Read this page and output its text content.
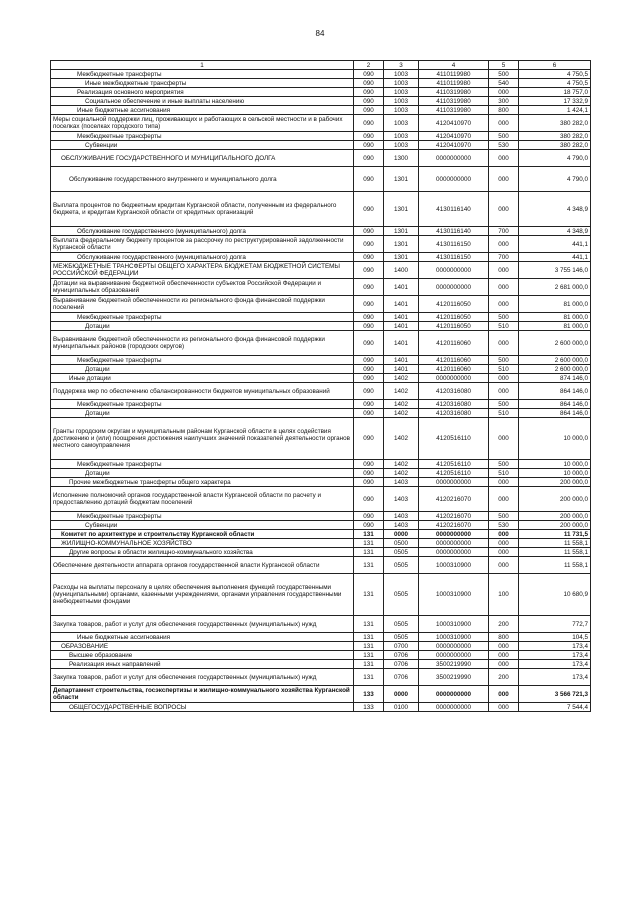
84
1	2	3	4	5	6
Межбюджетные трансферты	090	1003	4110119980	500	4 750,5
Иные межбюджетные трансферты	090	1003	4110119980	540	4 750,5
Реализация основного мероприятия	090	1003	4110319980	000	18 757,0
Социальное обеспечение и иные выплаты населению	090	1003	4110319980	300	17 332,9
Иные бюджетные ассигнования	090	1003	4110319980	800	1 424,1
Меры социальной поддержки лиц, проживающих и работающих в сельской местности и в рабочих поселках (поселках городского типа)	090	1003	4120410970	000	380 282,0
Межбюджетные трансферты	090	1003	4120410970	500	380 282,0
Субвенции	090	1003	4120410970	530	380 282,0
ОБСЛУЖИВАНИЕ ГОСУДАРСТВЕННОГО И МУНИЦИПАЛЬНОГО ДОЛГА	090	1300	0000000000	000	4 790,0
Обслуживание государственного внутреннего и муниципального долга	090	1301	0000000000	000	4 790,0
Выплата процентов по бюджетным кредитам Курганской области, полученным из федерального бюджета, и кредитам Курганской области от кредитных организаций	090	1301	4130116140	000	4 348,9
Обслуживание государственного (муниципального) долга	090	1301	4130116140	700	4 348,9
Выплата федеральному бюджету процентов за рассрочку по реструктурированной задолженности Курганской области	090	1301	4130116150	000	441,1
Обслуживание государственного (муниципального) долга	090	1301	4130116150	700	441,1
МЕЖБЮДЖЕТНЫЕ ТРАНСФЕРТЫ ОБЩЕГО ХАРАКТЕРА БЮДЖЕТАМ БЮДЖЕТНОЙ СИСТЕМЫ РОССИЙСКОЙ ФЕДЕРАЦИИ	090	1400	0000000000	000	3 755 146,0
Дотации на выравнивание бюджетной обеспеченности субъектов Российской Федерации и муниципальных образований	090	1401	0000000000	000	2 681 000,0
Выравнивание бюджетной обеспеченности из регионального фонда финансовой поддержки поселений	090	1401	4120116050	000	81 000,0
Межбюджетные трансферты	090	1401	4120116050	500	81 000,0
Дотации	090	1401	4120116050	510	81 000,0
Выравнивание бюджетной обеспеченности из регионального фонда финансовой поддержки муниципальных районов (городских округов)	090	1401	4120116060	000	2 600 000,0
Межбюджетные трансферты	090	1401	4120116060	500	2 600 000,0
Дотации	090	1401	4120116060	510	2 600 000,0
Иные дотации	090	1402	0000000000	000	874 146,0
Поддержка мер по обеспечению сбалансированности бюджетов муниципальных образований	090	1402	4120316080	000	864 146,0
Межбюджетные трансферты	090	1402	4120316080	500	864 146,0
Дотации	090	1402	4120316080	510	864 146,0
Гранты городским округам и муниципальным районам Курганской области в целях содействия достижению и (или) поощрения достижения наилучших значений показателей деятельности органов местного самоуправления	090	1402	4120516110	000	10 000,0
Межбюджетные трансферты	090	1402	4120516110	500	10 000,0
Дотации	090	1402	4120516110	510	10 000,0
Прочие межбюджетные трансферты общего характера	090	1403	0000000000	000	200 000,0
Исполнение полномочий органов государственной власти Курганской области по расчету и предоставлению дотаций бюджетам поселений	090	1403	4120216070	000	200 000,0
Межбюджетные трансферты	090	1403	4120216070	500	200 000,0
Субвенции	090	1403	4120216070	530	200 000,0
Комитет по архитектуре и строительству Курганской области	131	0000	0000000000	000	11 731,5
ЖИЛИЩНО-КОММУНАЛЬНОЕ ХОЗЯЙСТВО	131	0500	0000000000	000	11 558,1
Другие вопросы в области жилищно-коммунального хозяйства	131	0505	0000000000	000	11 558,1
Обеспечение деятельности аппарата органов государственной власти Курганской области	131	0505	1000310900	000	11 558,1
Расходы на выплаты персоналу в целях обеспечения выполнения функций государственными (муниципальными) органами, казенными учреждениями, органами управления государственными внебюджетными фондами	131	0505	1000310900	100	10 680,9
Закупка товаров, работ и услуг для обеспечения государственных (муниципальных) нужд	131	0505	1000310900	200	772,7
Иные бюджетные ассигнования	131	0505	1000310900	800	104,5
ОБРАЗОВАНИЕ	131	0700	0000000000	000	173,4
Высшее образование	131	0706	0000000000	000	173,4
Реализация иных направлений	131	0706	3500219990	000	173,4
Закупка товаров, работ и услуг для обеспечения государственных (муниципальных) нужд	131	0706	3500219990	200	173,4
Департамент строительства, госэкспертизы и жилищно-коммунального хозяйства Курганской области	133	0000	0000000000	000	3 566 721,3
ОБЩЕГОСУДАРСТВЕННЫЕ ВОПРОСЫ	133	0100	0000000000	000	7 544,4
